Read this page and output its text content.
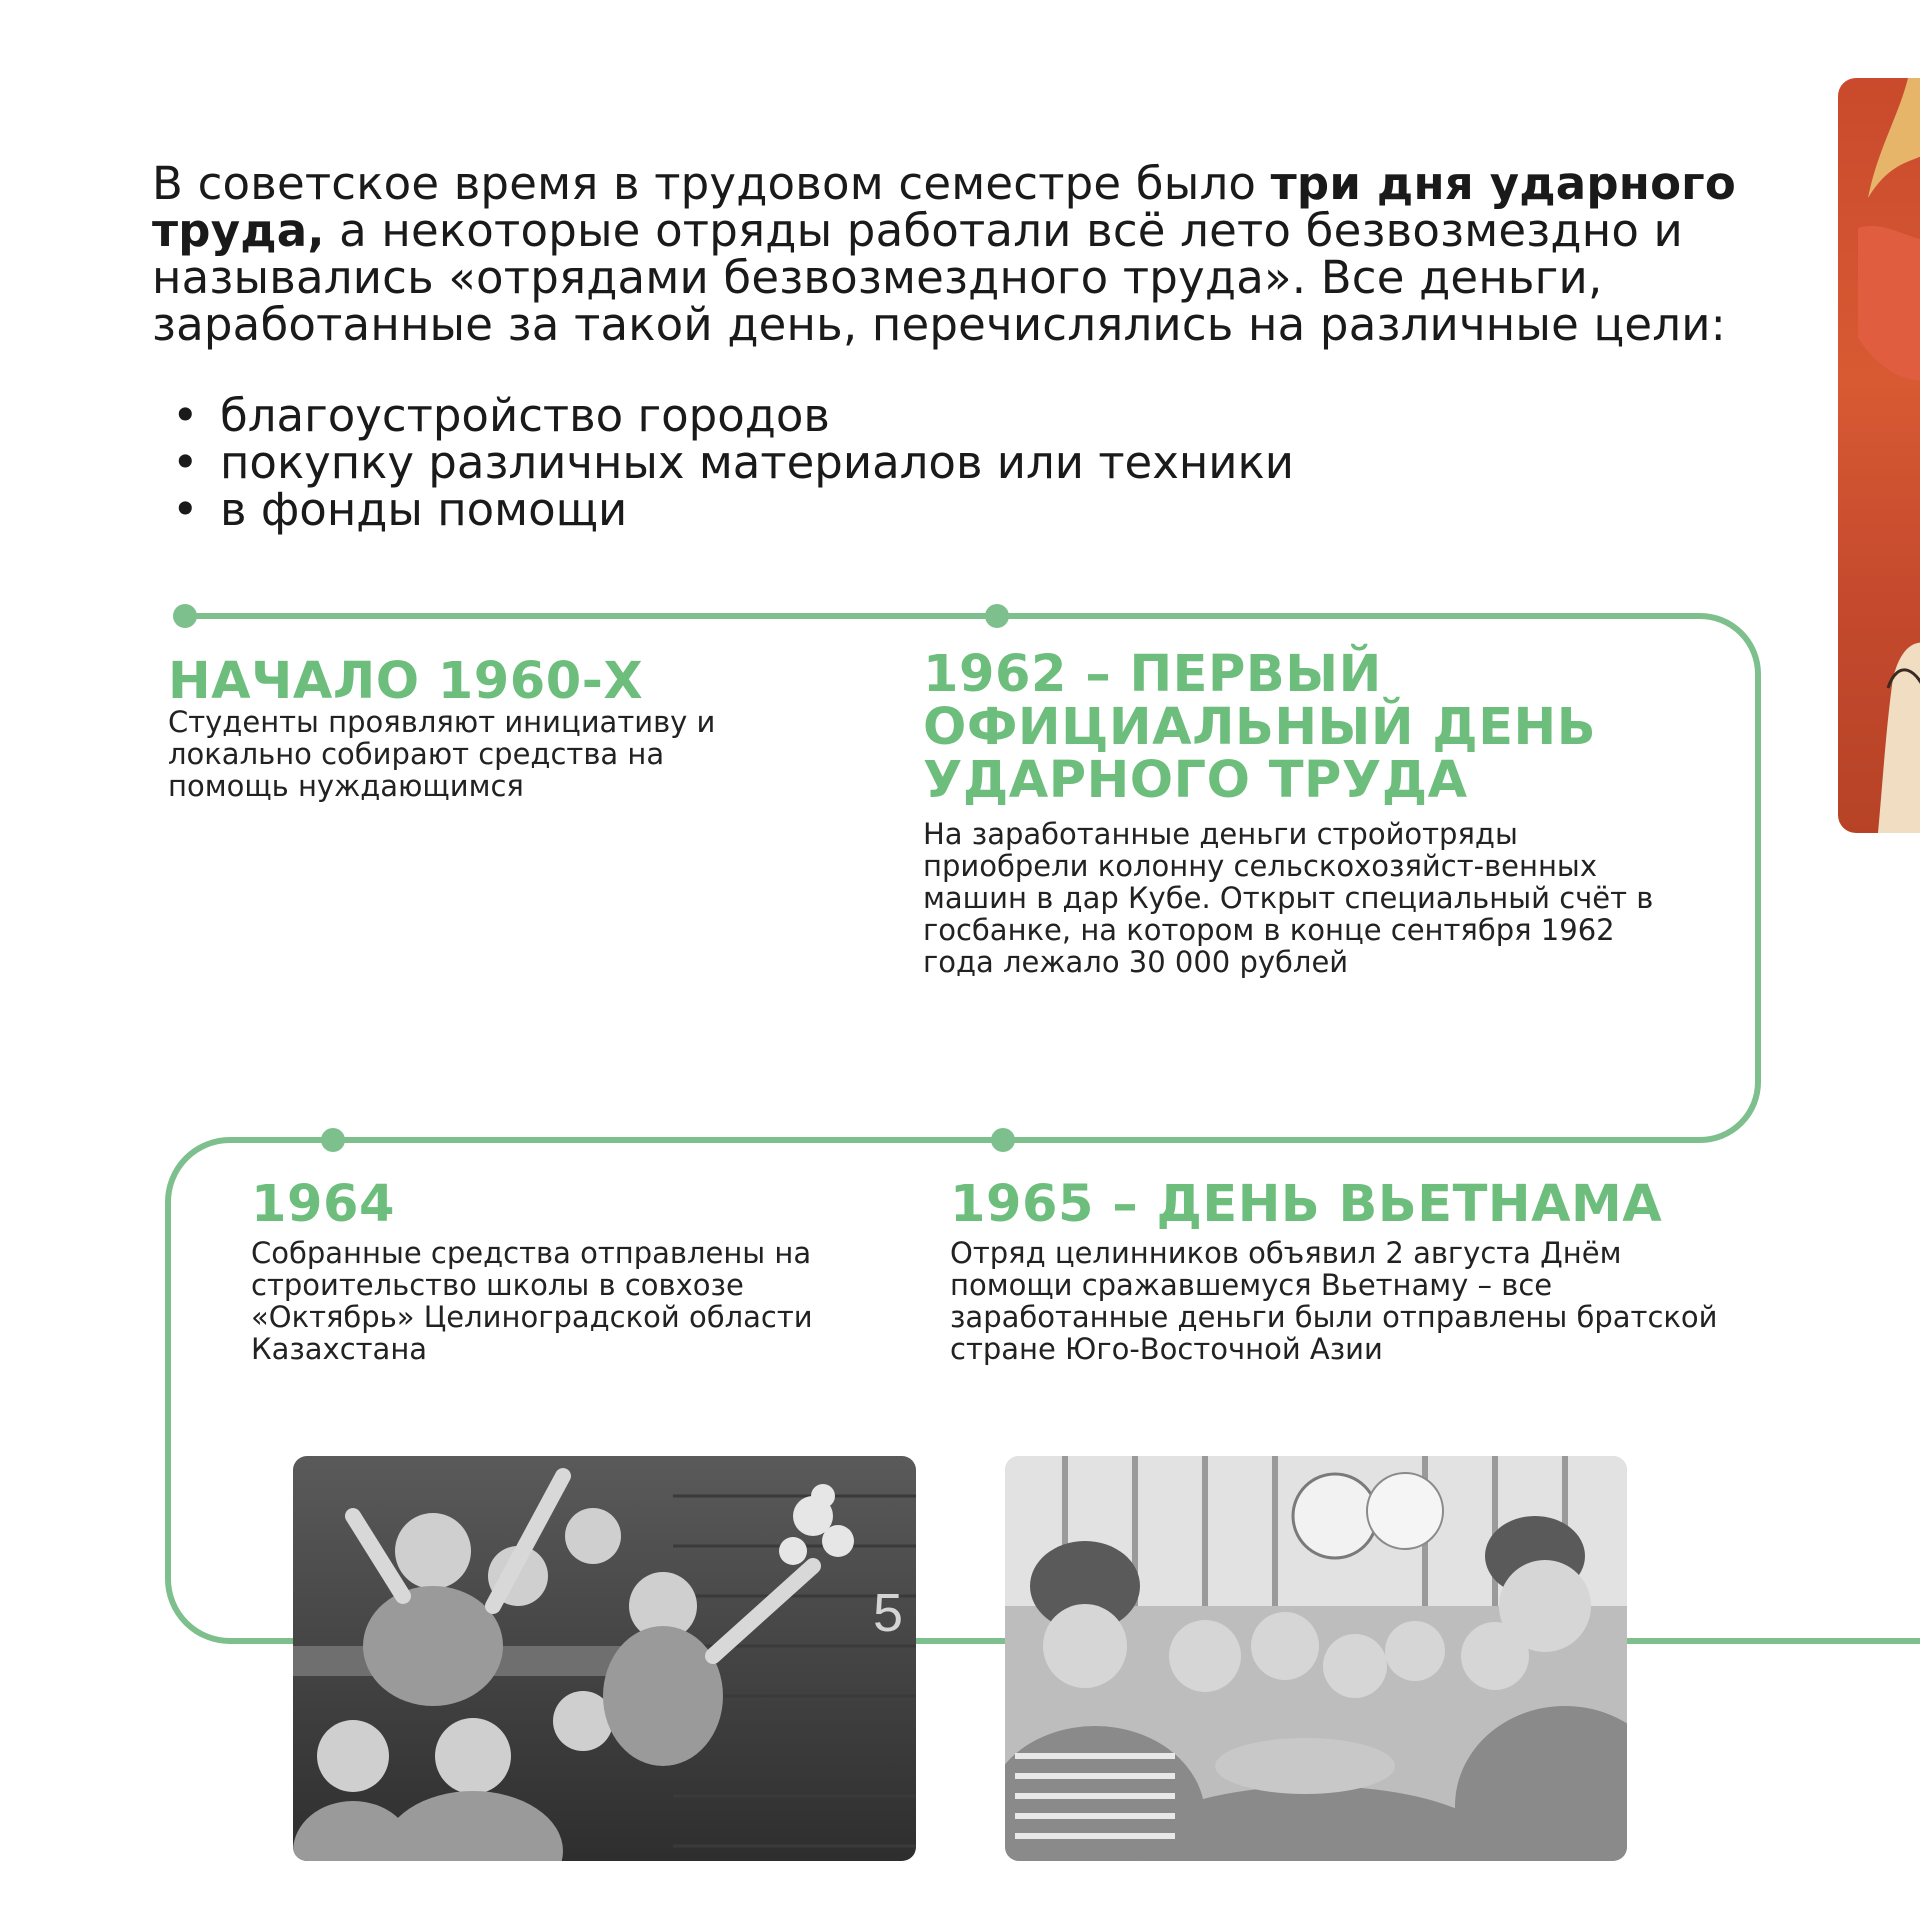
В советское время в трудовом семестре было три дня ударного труда, а некоторые отряды работали всё лето безвозмездно и назывались «отрядами безвозмездного труда». Все деньги, заработанные за такой день, перечислялись на различные цели:
• благоустройство городов
• покупку различных материалов или техники
• в фонды помощи
НАЧАЛО 1960-Х
Студенты проявляют инициативу и локально собирают средства на помощь нуждающимся
1962 – ПЕРВЫЙ ОФИЦИАЛЬНЫЙ ДЕНЬ УДАРНОГО ТРУДА
На заработанные деньги стройотряды приобрели колонну сельскохозяйст-венных машин в дар Кубе. Открыт специальный счёт в госбанке, на котором в конце сентября 1962 года лежало 30 000 рублей
1964
Собранные средства отправлены на строительство школы в совхозе «Октябрь» Целиноградской области Казахстана
1965 – ДЕНЬ ВЬЕТНАМА
Отряд целинников объявил 2 августа Днём помощи сражавшемуся Вьетнаму – все заработанные деньги были отправлены братской стране Юго-Восточной Азии
5
